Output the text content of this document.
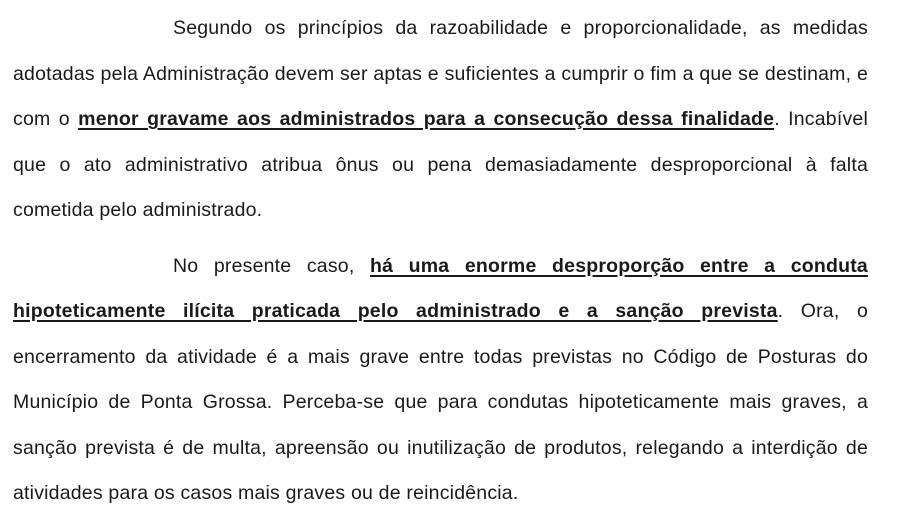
Segundo os princípios da razoabilidade e proporcionalidade, as medidas adotadas pela Administração devem ser aptas e suficientes a cumprir o fim a que se destinam, e com o menor gravame aos administrados para a consecução dessa finalidade. Incabível que o ato administrativo atribua ônus ou pena demasiadamente desproporcional à falta cometida pelo administrado.

No presente caso, há uma enorme desproporção entre a conduta hipoteticamente ilícita praticada pelo administrado e a sanção prevista. Ora, o encerramento da atividade é a mais grave entre todas previstas no Código de Posturas do Município de Ponta Grossa. Perceba-se que para condutas hipoteticamente mais graves, a sanção prevista é de multa, apreensão ou inutilização de produtos, relegando a interdição de atividades para os casos mais graves ou de reincidência.
